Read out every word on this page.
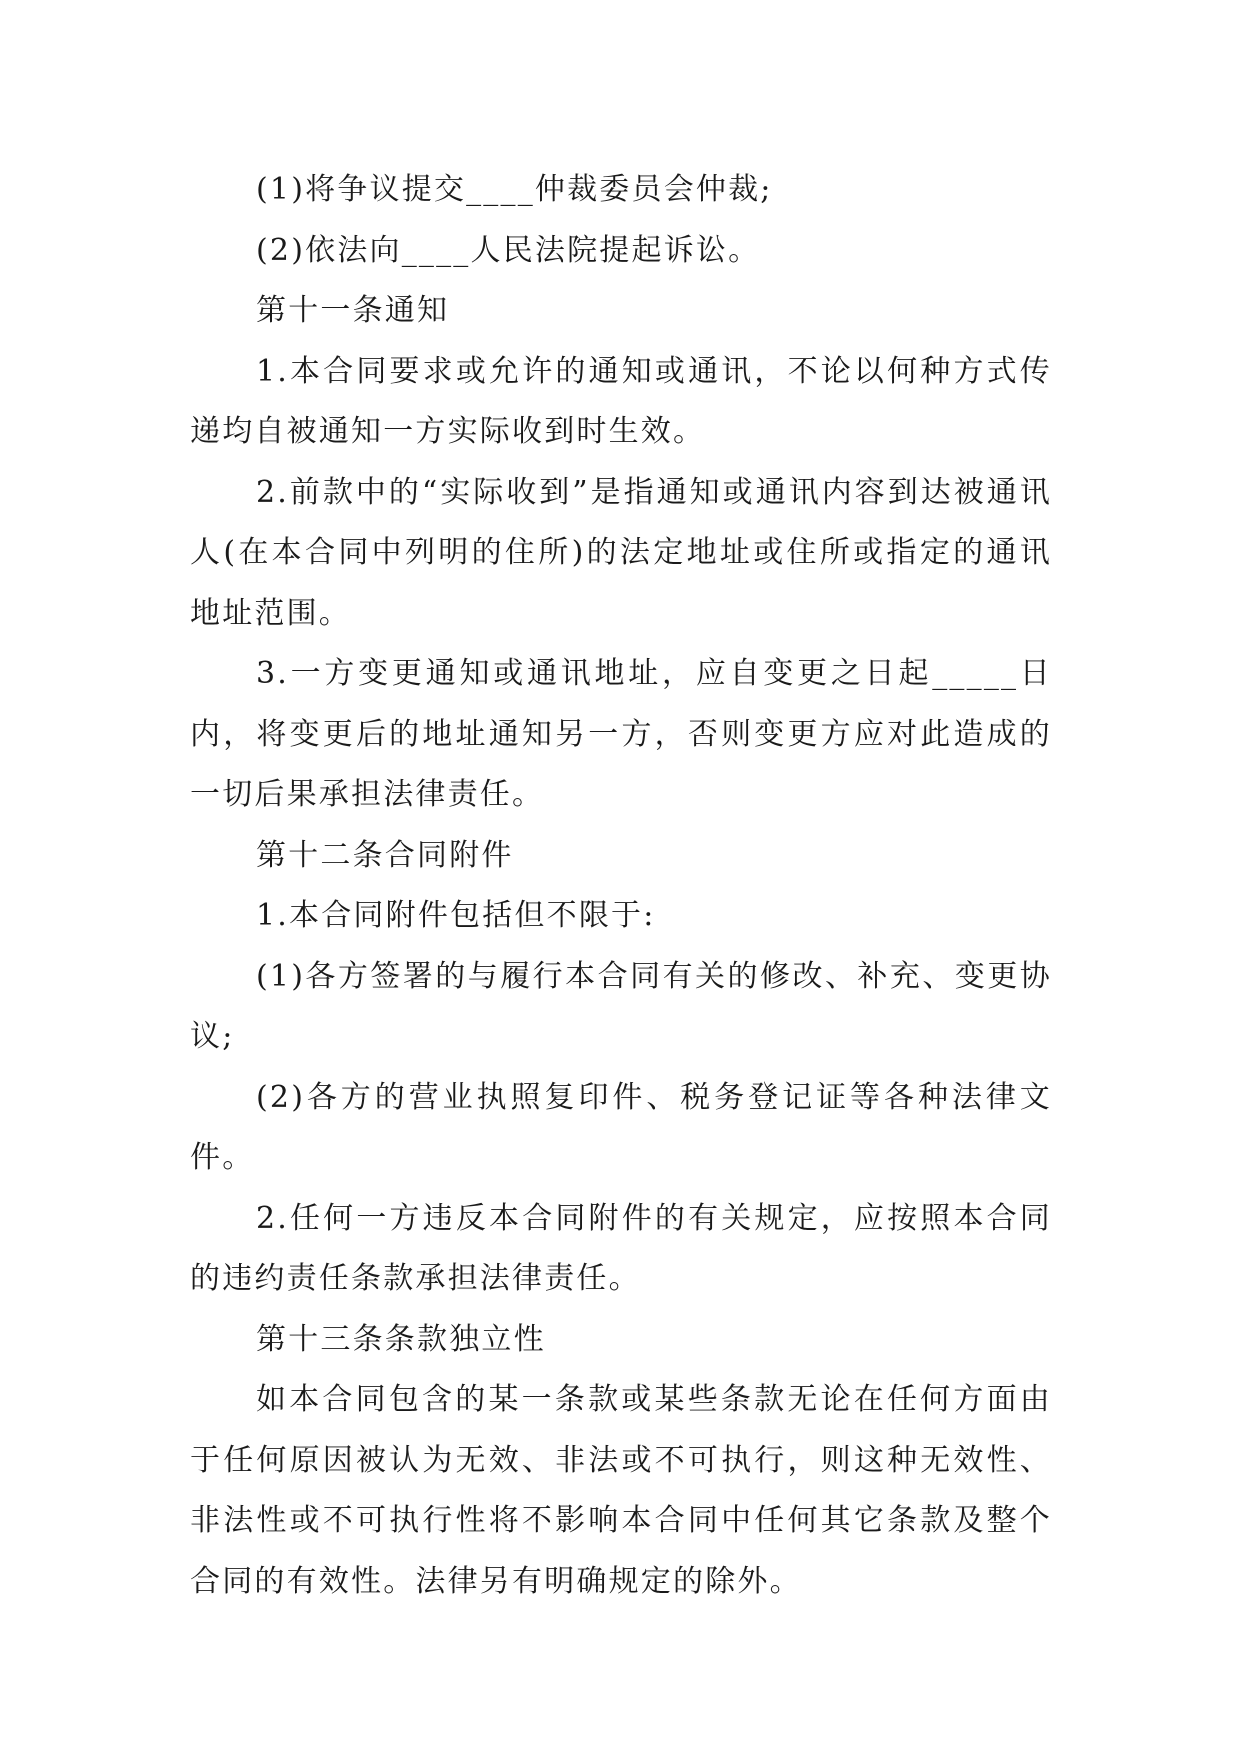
(1)将争议提交____仲裁委员会仲裁;

(2)依法向____人民法院提起诉讼。

第十一条通知

1.本合同要求或允许的通知或通讯，不论以何种方式传递均自被通知一方实际收到时生效。

2.前款中的“实际收到”是指通知或通讯内容到达被通讯人(在本合同中列明的住所)的法定地址或住所或指定的通讯地址范围。

3.一方变更通知或通讯地址，应自变更之日起_____日内，将变更后的地址通知另一方，否则变更方应对此造成的一切后果承担法律责任。

第十二条合同附件

1.本合同附件包括但不限于:

(1)各方签署的与履行本合同有关的修改、补充、变更协议;

(2)各方的营业执照复印件、税务登记证等各种法律文件。

2.任何一方违反本合同附件的有关规定，应按照本合同的违约责任条款承担法律责任。

第十三条条款独立性

如本合同包含的某一条款或某些条款无论在任何方面由于任何原因被认为无效、非法或不可执行，则这种无效性、非法性或不可执行性将不影响本合同中任何其它条款及整个合同的有效性。法律另有明确规定的除外。
